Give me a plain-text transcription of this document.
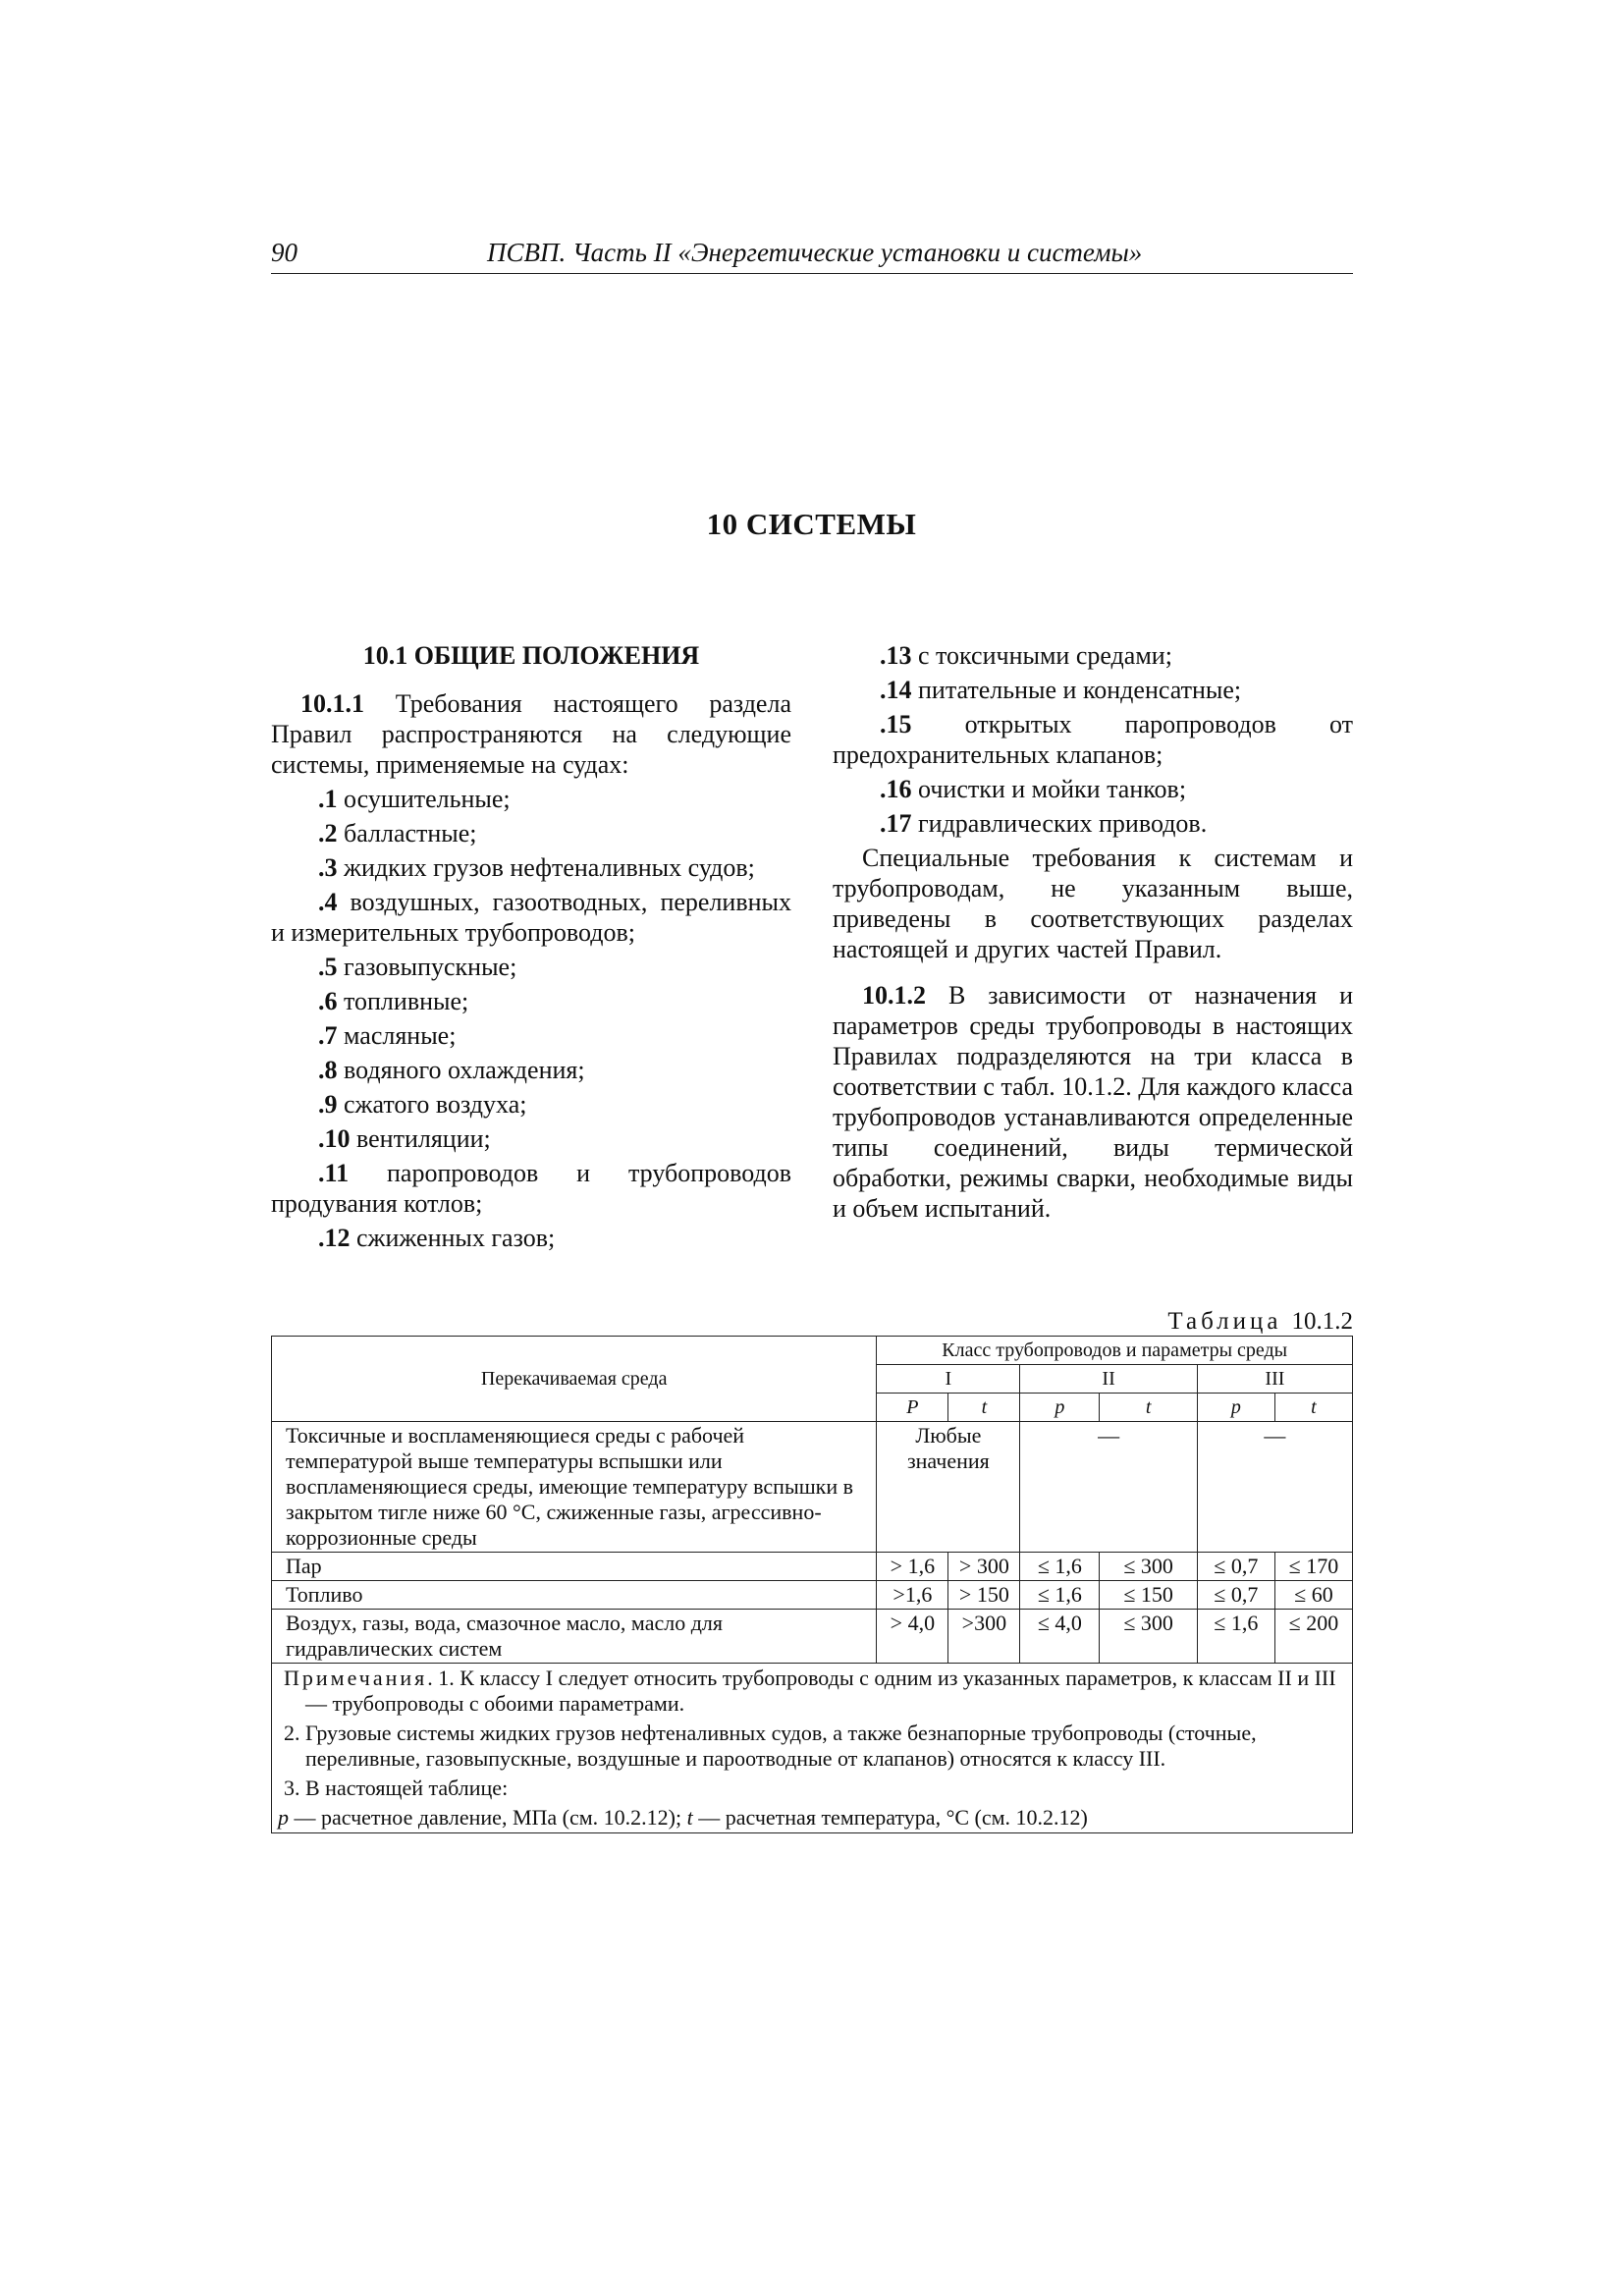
90	ПСВП. Часть II «Энергетические установки и системы»
10 СИСТЕМЫ
10.1 ОБЩИЕ ПОЛОЖЕНИЯ

10.1.1 Требования настоящего раздела Правил распространяются на следующие системы, применяемые на судах:

.1 осушительные;

.2 балластные;

.3 жидких грузов нефтеналивных судов;

.4 воздушных, газоотводных, переливных и измерительных трубопроводов;

.5 газовыпускные;

.6 топливные;

.7 масляные;

.8 водяного охлаждения;

.9 сжатого воздуха;

.10 вентиляции;

.11 паропроводов и трубопроводов продувания котлов;

.12 сжиженных газов;

.13 с токсичными средами;

.14 питательные и конденсатные;

.15 открытых паропроводов от предохранительных клапанов;

.16 очистки и мойки танков;

.17 гидравлических приводов.

Специальные требования к системам и трубопроводам, не указанным выше, приведены в соответствующих разделах настоящей и других частей Правил.

10.1.2 В зависимости от назначения и параметров среды трубопроводы в настоящих Правилах подразделяются на три класса в соответствии с табл. 10.1.2. Для каждого класса трубопроводов устанавливаются определенные типы соединений, виды термической обработки, режимы сварки, необходимые виды и объем испытаний.

Таблица 10.1.2
Перекачиваемая среда	Класс трубопроводов и параметры среды					
	I		II		III	
	P	t	p	t	p	t
Токсичные и воспламеняющиеся среды с рабочей температурой выше температуры вспышки или воспламеняющиеся среды, имеющие температуру вспышки в закрытом тигле ниже 60 °С, сжиженные газы, агрессивно-коррозионные среды	Любые значения		—		—	
Пар	> 1,6	> 300	≤ 1,6	≤ 300	≤ 0,7	≤ 170
Топливо	>1,6	> 150	≤ 1,6	≤ 150	≤ 0,7	≤ 60
Воздух, газы, вода, смазочное масло, масло для гидравлических систем	> 4,0	>300	≤ 4,0	≤ 300	≤ 1,6	≤ 200

Примечания. 1. К классу I следует относить трубопроводы с одним из указанных параметров, к классам II и III — трубопроводы с обоими параметрами.
2. Грузовые системы жидких грузов нефтеналивных судов, а также безнапорные трубопроводы (сточные, переливные, газовыпускные, воздушные и пароотводные от клапанов) относятся к классу III.
3. В настоящей таблице:
p — расчетное давление, МПа (см. 10.2.12); t — расчетная температура, °С (см. 10.2.12)						
